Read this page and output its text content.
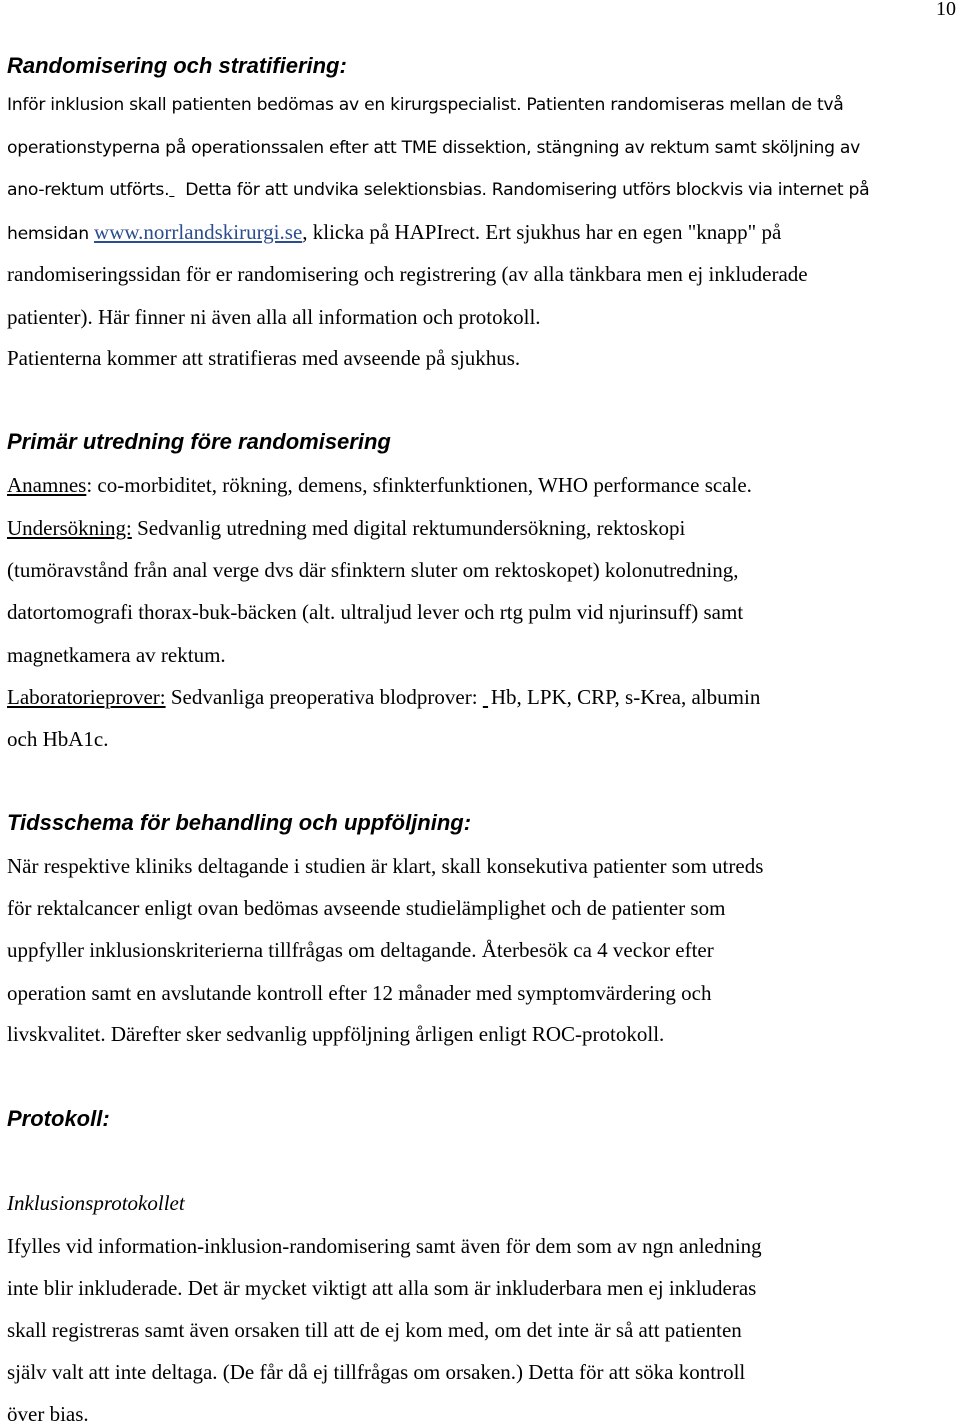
10
Randomisering och stratifiering:
Inför inklusion skall patienten bedömas av en kirurgspecialist. Patienten randomiseras mellan de två
operationstyperna på operationssalen efter att TME dissektion, stängning av rektum samt sköljning av
ano-rektum utförts. Detta för att undvika selektionsbias. Randomisering utförs blockvis via internet på
hemsidan www.norrlandskirurgi.se, klicka på HAPIrect. Ert sjukhus har en egen "knapp" på
randomiseringssidan för er randomisering och registrering (av alla tänkbara men ej inkluderade
patienter). Här finner ni även alla all information och protokoll.
Patienterna kommer att stratifieras med avseende på sjukhus.
Primär utredning före randomisering
Anamnes: co-morbiditet, rökning, demens, sfinkterfunktionen, WHO performance scale.
Undersökning: Sedvanlig utredning med digital rektumundersökning, rektoskopi
(tumöravstånd från anal verge dvs där sfinktern sluter om rektoskopet) kolonutredning,
datortomografi thorax-buk-bäcken (alt. ultraljud lever och rtg pulm vid njurinsuff) samt
magnetkamera av rektum.
Laboratorieprover: Sedvanliga preoperativa blodprover:  Hb, LPK, CRP, s-Krea, albumin
och HbA1c.
Tidsschema för behandling och uppföljning:
När respektive kliniks deltagande i studien är klart, skall konsekutiva patienter som utreds
för rektalcancer enligt ovan bedömas avseende studielämplighet och de patienter som
uppfyller inklusionskriterierna tillfrågas om deltagande. Återbesök ca 4 veckor efter
operation samt en avslutande kontroll efter 12 månader med symptomvärdering och
livskvalitet. Därefter sker sedvanlig uppföljning årligen enligt ROC-protokoll.
Protokoll:
Inklusionsprotokollet
Ifylles vid information-inklusion-randomisering samt även för dem som av ngn anledning
inte blir inkluderade. Det är mycket viktigt att alla som är inkluderbara men ej inkluderas
skall registreras samt även orsaken till att de ej kom med, om det inte är så att patienten
själv valt att inte deltaga. (De får då ej tillfrågas om orsaken.) Detta för att söka kontroll
över bias.
